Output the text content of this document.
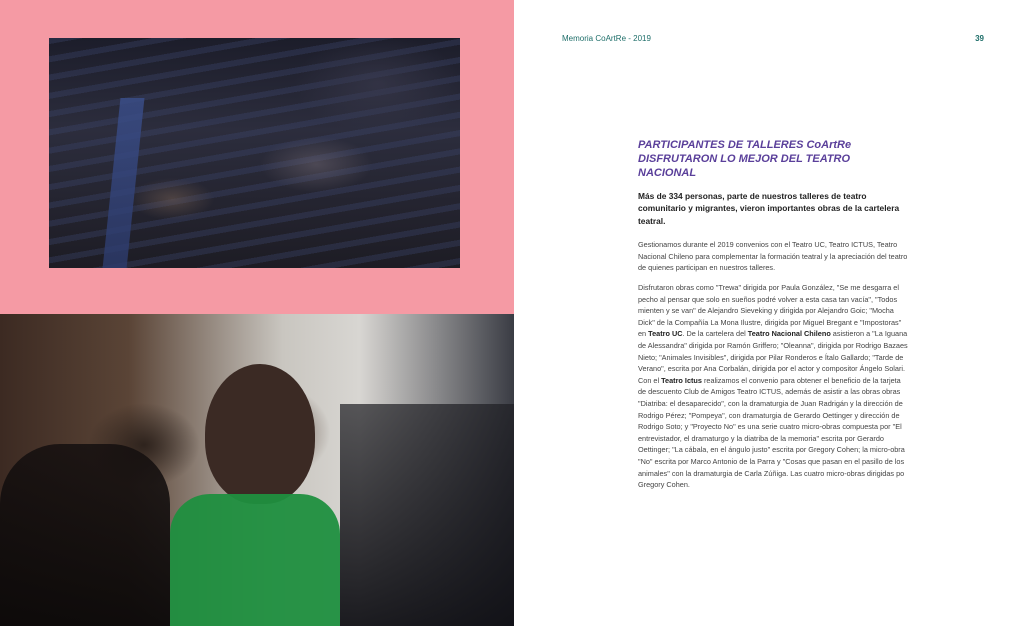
Memoria CoArtRe - 2019	39
PARTICIPANTES DE TALLERES CoArtRe DISFRUTARON LO MEJOR DEL TEATRO NACIONAL

Más de 334 personas, parte de nuestros talleres de teatro comunitario y migrantes, vieron importantes obras de la cartelera teatral.

Gestionamos durante el 2019 convenios con el Teatro UC, Teatro ICTUS, Teatro Nacional Chileno para complementar la formación teatral y la apreciación del teatro de quienes participan en nuestros talleres.

Disfrutaron obras como "Trewa" dirigida por Paula González, "Se me desgarra el pecho al pensar que solo en sueños podré volver a esta casa tan vacía", "Todos mienten y se van" de Alejandro Sieveking y dirigida por Alejandro Goic; "Mocha Dick" de la Compañía La Mona Ilustre, dirigida por Miguel Bregant e "Impostoras" en Teatro UC. De la cartelera del Teatro Nacional Chileno asistieron a "La Iguana de Alessandra" dirigida por Ramón Griffero; "Oleanna", dirigida por Rodrigo Bazaes Nieto; "Animales Invisibles", dirigida por Pilar Ronderos e Ítalo Gallardo; "Tarde de Verano", escrita por Ana Corbalán, dirigida por el actor y compositor Ángelo Solari. Con el Teatro Ictus realizamos el convenio para obtener el beneficio de la tarjeta de descuento Club de Amigos Teatro ICTUS, además de asistir a las obras obras "Diatriba: el desaparecido", con la dramaturgia de Juan Radrigán y la dirección de Rodrigo Pérez; "Pompeya", con dramaturgia de Gerardo Oettinger y dirección de Rodrigo Soto; y "Proyecto No" es una serie cuatro micro-obras compuesta por "El entrevistador, el dramaturgo y la diatriba de la memoria" escrita por Gerardo Oettinger; "La cábala, en el ángulo justo" escrita por Gregory Cohen; la micro-obra "No" escrita por Marco Antonio de la Parra y "Cosas que pasan en el pasillo de los animales" con la dramaturgia de Carla Zúñiga. Las cuatro micro-obras dirigidas po Gregory Cohen.
